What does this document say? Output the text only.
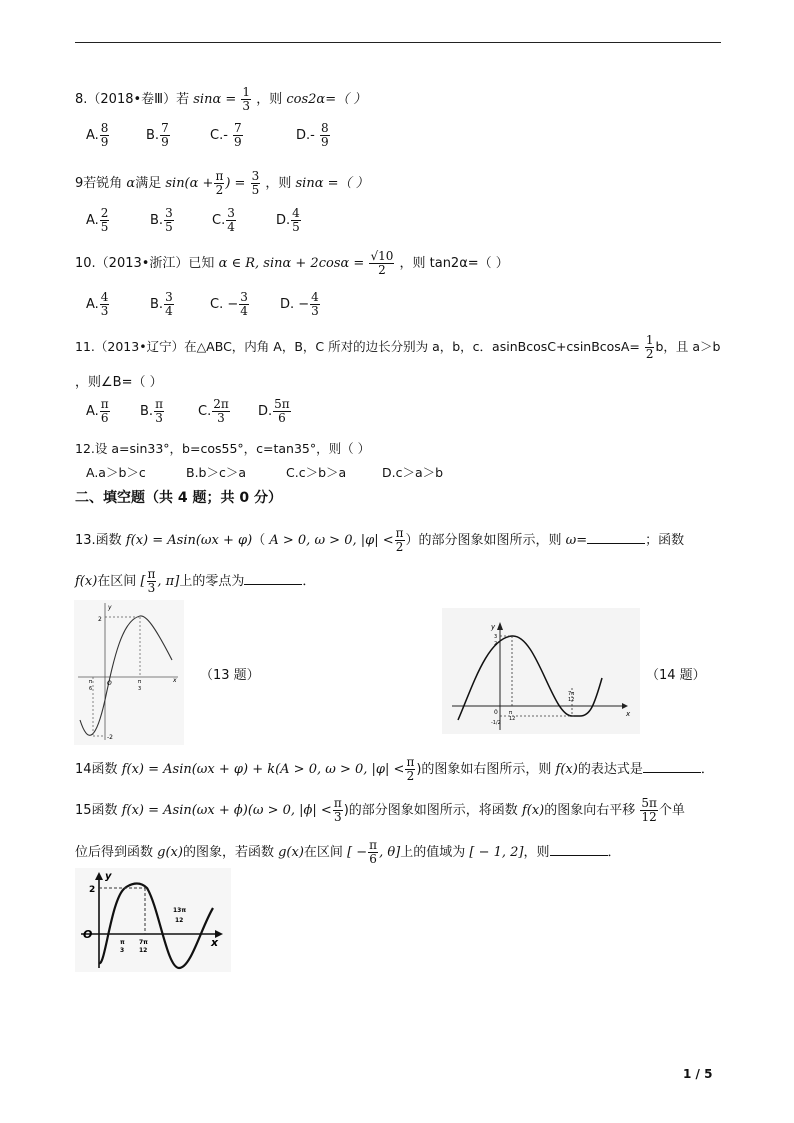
8.（2018•卷Ⅲ）若 $\sin\alpha = \frac{1}{3}$ ，则 cos2α=（ ）
A. $\frac{8}{9}$	B. $\frac{7}{9}$	$C.- \frac{7}{9}$	$D.- \frac{8}{9}$
9若锐角 α满足 $\sin(\alpha + \frac{\pi}{2}$ ) = $\frac{3}{5}$ ，则 sinα =（ ）
A. $\frac{2}{5}$	B. $\frac{3}{5}$	C. $\frac{3}{4}$	D. $\frac{4}{5}$
10.（2013•浙江）已知 α ∈ R, $\sin\alpha + 2\cos\alpha = \frac{√10}{2}$ ，则 tan2α=（ ）
A. $\frac{4}{3}$	B. $\frac{3}{4}$	C. − $\frac{3}{4} D$. − $\frac{4}{3}$
11.（2013•辽宁）在△ABC，内角 A，B，C 所对的边长分别为 a，b，c．asinBcosC+csinBcosA= $\frac{1}{2}$ b，且 a＞b
，则∠B=（ ）
A. $\frac{\pi}{6} B$. $\frac{\pi}{3}$	C. $\frac{2\pi}{3} D$. $\frac{5\pi}{6}$
12.设 a=sin33°，b=cos55°，c=tan35°，则（ ）
A.a＞b＞c	B.b＞c＞a	C.c＞b＞a	D.c＞a＞b
二、填空题（共 4 题；共 0 分）
13.函数 f(x) = Asin(ωx + φ)（ A > 0, ω > 0, $|\varphi| < \frac{\pi}{2}$ ）的部分图象如图所示，则 ω=	；函数
f(x)在区间 [ $\frac{\pi}{3}$ , π]上的零点为	．
2
-2
O
π
6
π
3
x
y
（13 题）
y
3
2
0
-1/2
π
12
7π
12
x
（14 题）
14函数 f(x) = Asin(ωx + φ) + k(A > 0, ω > 0, $|\varphi| < \frac{\pi}{2}$ )的图象如右图所示，则 f(x)的表达式是	．
15函数 f(x) = Asin(ωx + ϕ)(ω > 0, $|\phi| < \frac{\pi}{3}$ )的部分图象如图所示，将函数 f(x)的图象向右平移 $\frac{5\pi}{12}$ 个单
位后得到函数 g(x)的图象，若函数 g(x)在区间 [ − $\frac{\pi}{6}$ , θ]上的值域为 [ − 1, 2]，则	．
2
y
O
π
3
7π
12
13π
12
x
1 / 5
